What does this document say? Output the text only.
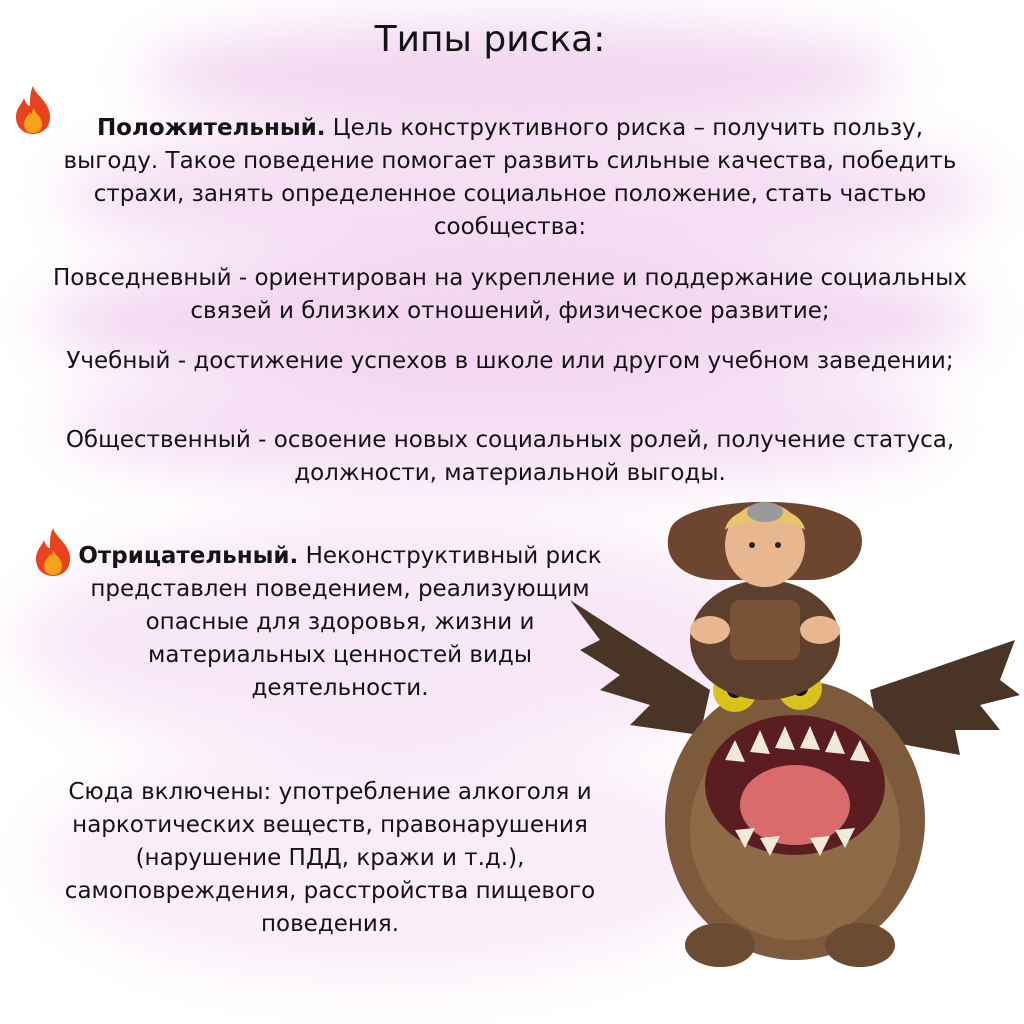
Типы риска:
Положительный. Цель конструктивного риска – получить пользу, выгоду. Такое поведение помогает развить сильные качества, победить страхи, занять определенное социальное положение, стать частью сообщества:
Повседневный - ориентирован на укрепление и поддержание социальных связей и близких отношений, физическое развитие;
Учебный - достижение успехов в школе или другом учебном заведении;
Общественный - освоение новых социальных ролей, получение статуса, должности, материальной выгоды.
Отрицательный. Неконструктивный риск представлен поведением, реализующим опасные для здоровья, жизни и материальных ценностей виды деятельности.
Сюда включены: употребление алкоголя и наркотических веществ, правонарушения (нарушение ПДД, кражи и т.д.), самоповреждения, расстройства пищевого поведения.
